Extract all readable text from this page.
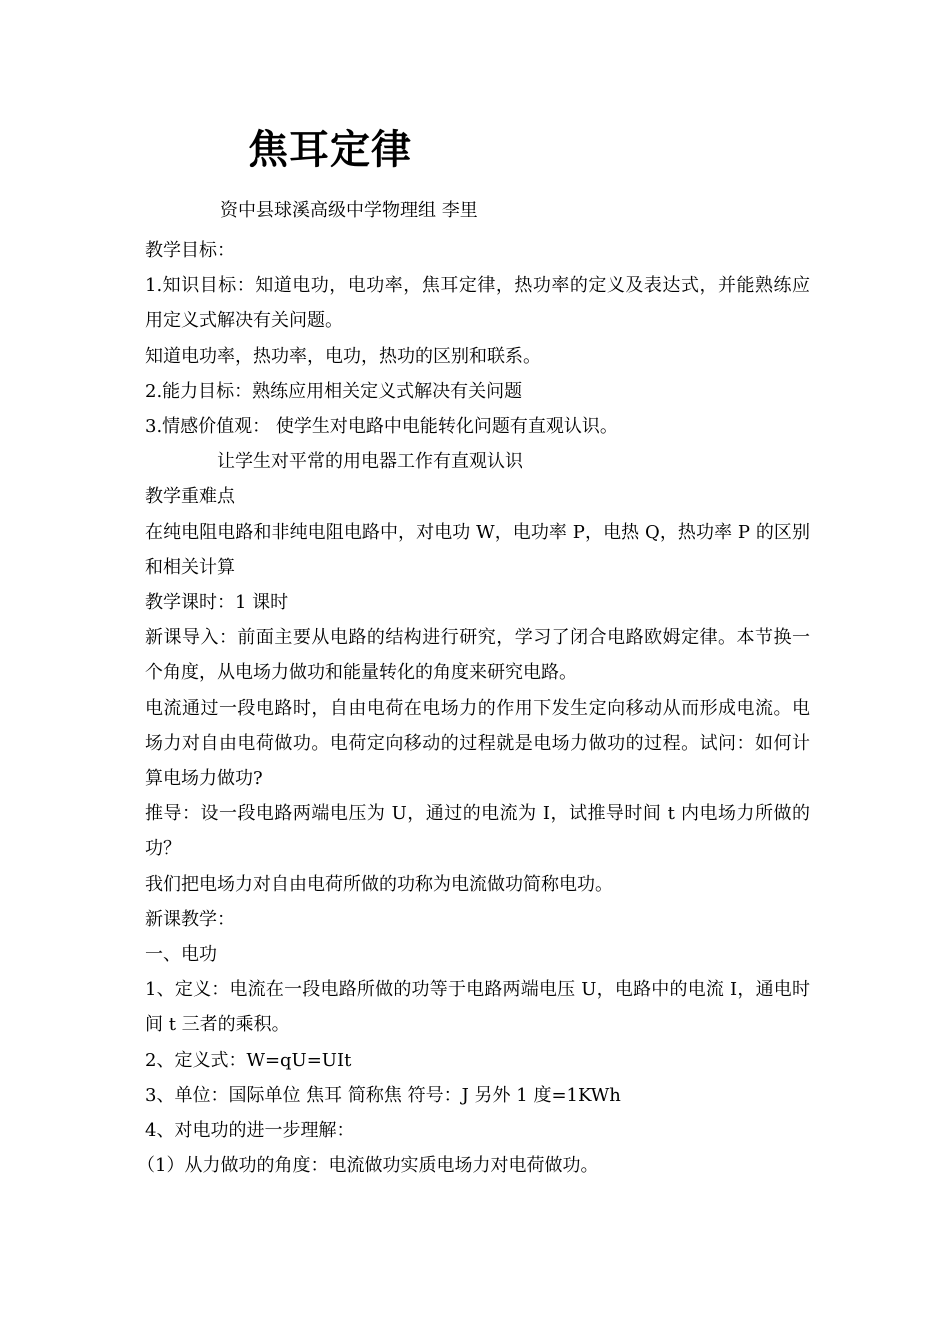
焦耳定律
资中县球溪高级中学物理组 李里

教学目标：

1.知识目标：知道电功，电功率，焦耳定律，热功率的定义及表达式，并能熟练应用定义式解决有关问题。

知道电功率，热功率，电功，热功的区别和联系。

2.能力目标：熟练应用相关定义式解决有关问题

3.情感价值观： 使学生对电路中电能转化问题有直观认识。

让学生对平常的用电器工作有直观认识

教学重难点

在纯电阻电路和非纯电阻电路中，对电功 W，电功率 P，电热 Q，热功率 P 的区别和相关计算

教学课时：1 课时

新课导入：前面主要从电路的结构进行研究，学习了闭合电路欧姆定律。本节换一个角度，从电场力做功和能量转化的角度来研究电路。

电流通过一段电路时，自由电荷在电场力的作用下发生定向移动从而形成电流。电场力对自由电荷做功。电荷定向移动的过程就是电场力做功的过程。试问：如何计算电场力做功?

推导：设一段电路两端电压为 U，通过的电流为 I，试推导时间 t 内电场力所做的功？

我们把电场力对自由电荷所做的功称为电流做功简称电功。

新课教学：

一、电功

1、定义：电流在一段电路所做的功等于电路两端电压 U，电路中的电流 I，通电时间 t 三者的乘积。

2、定义式：W=qU=UIt

3、单位：国际单位 焦耳 简称焦 符号：J 另外 1 度=1KWh

4、对电功的进一步理解：

（1）从力做功的角度：电流做功实质电场力对电荷做功。
